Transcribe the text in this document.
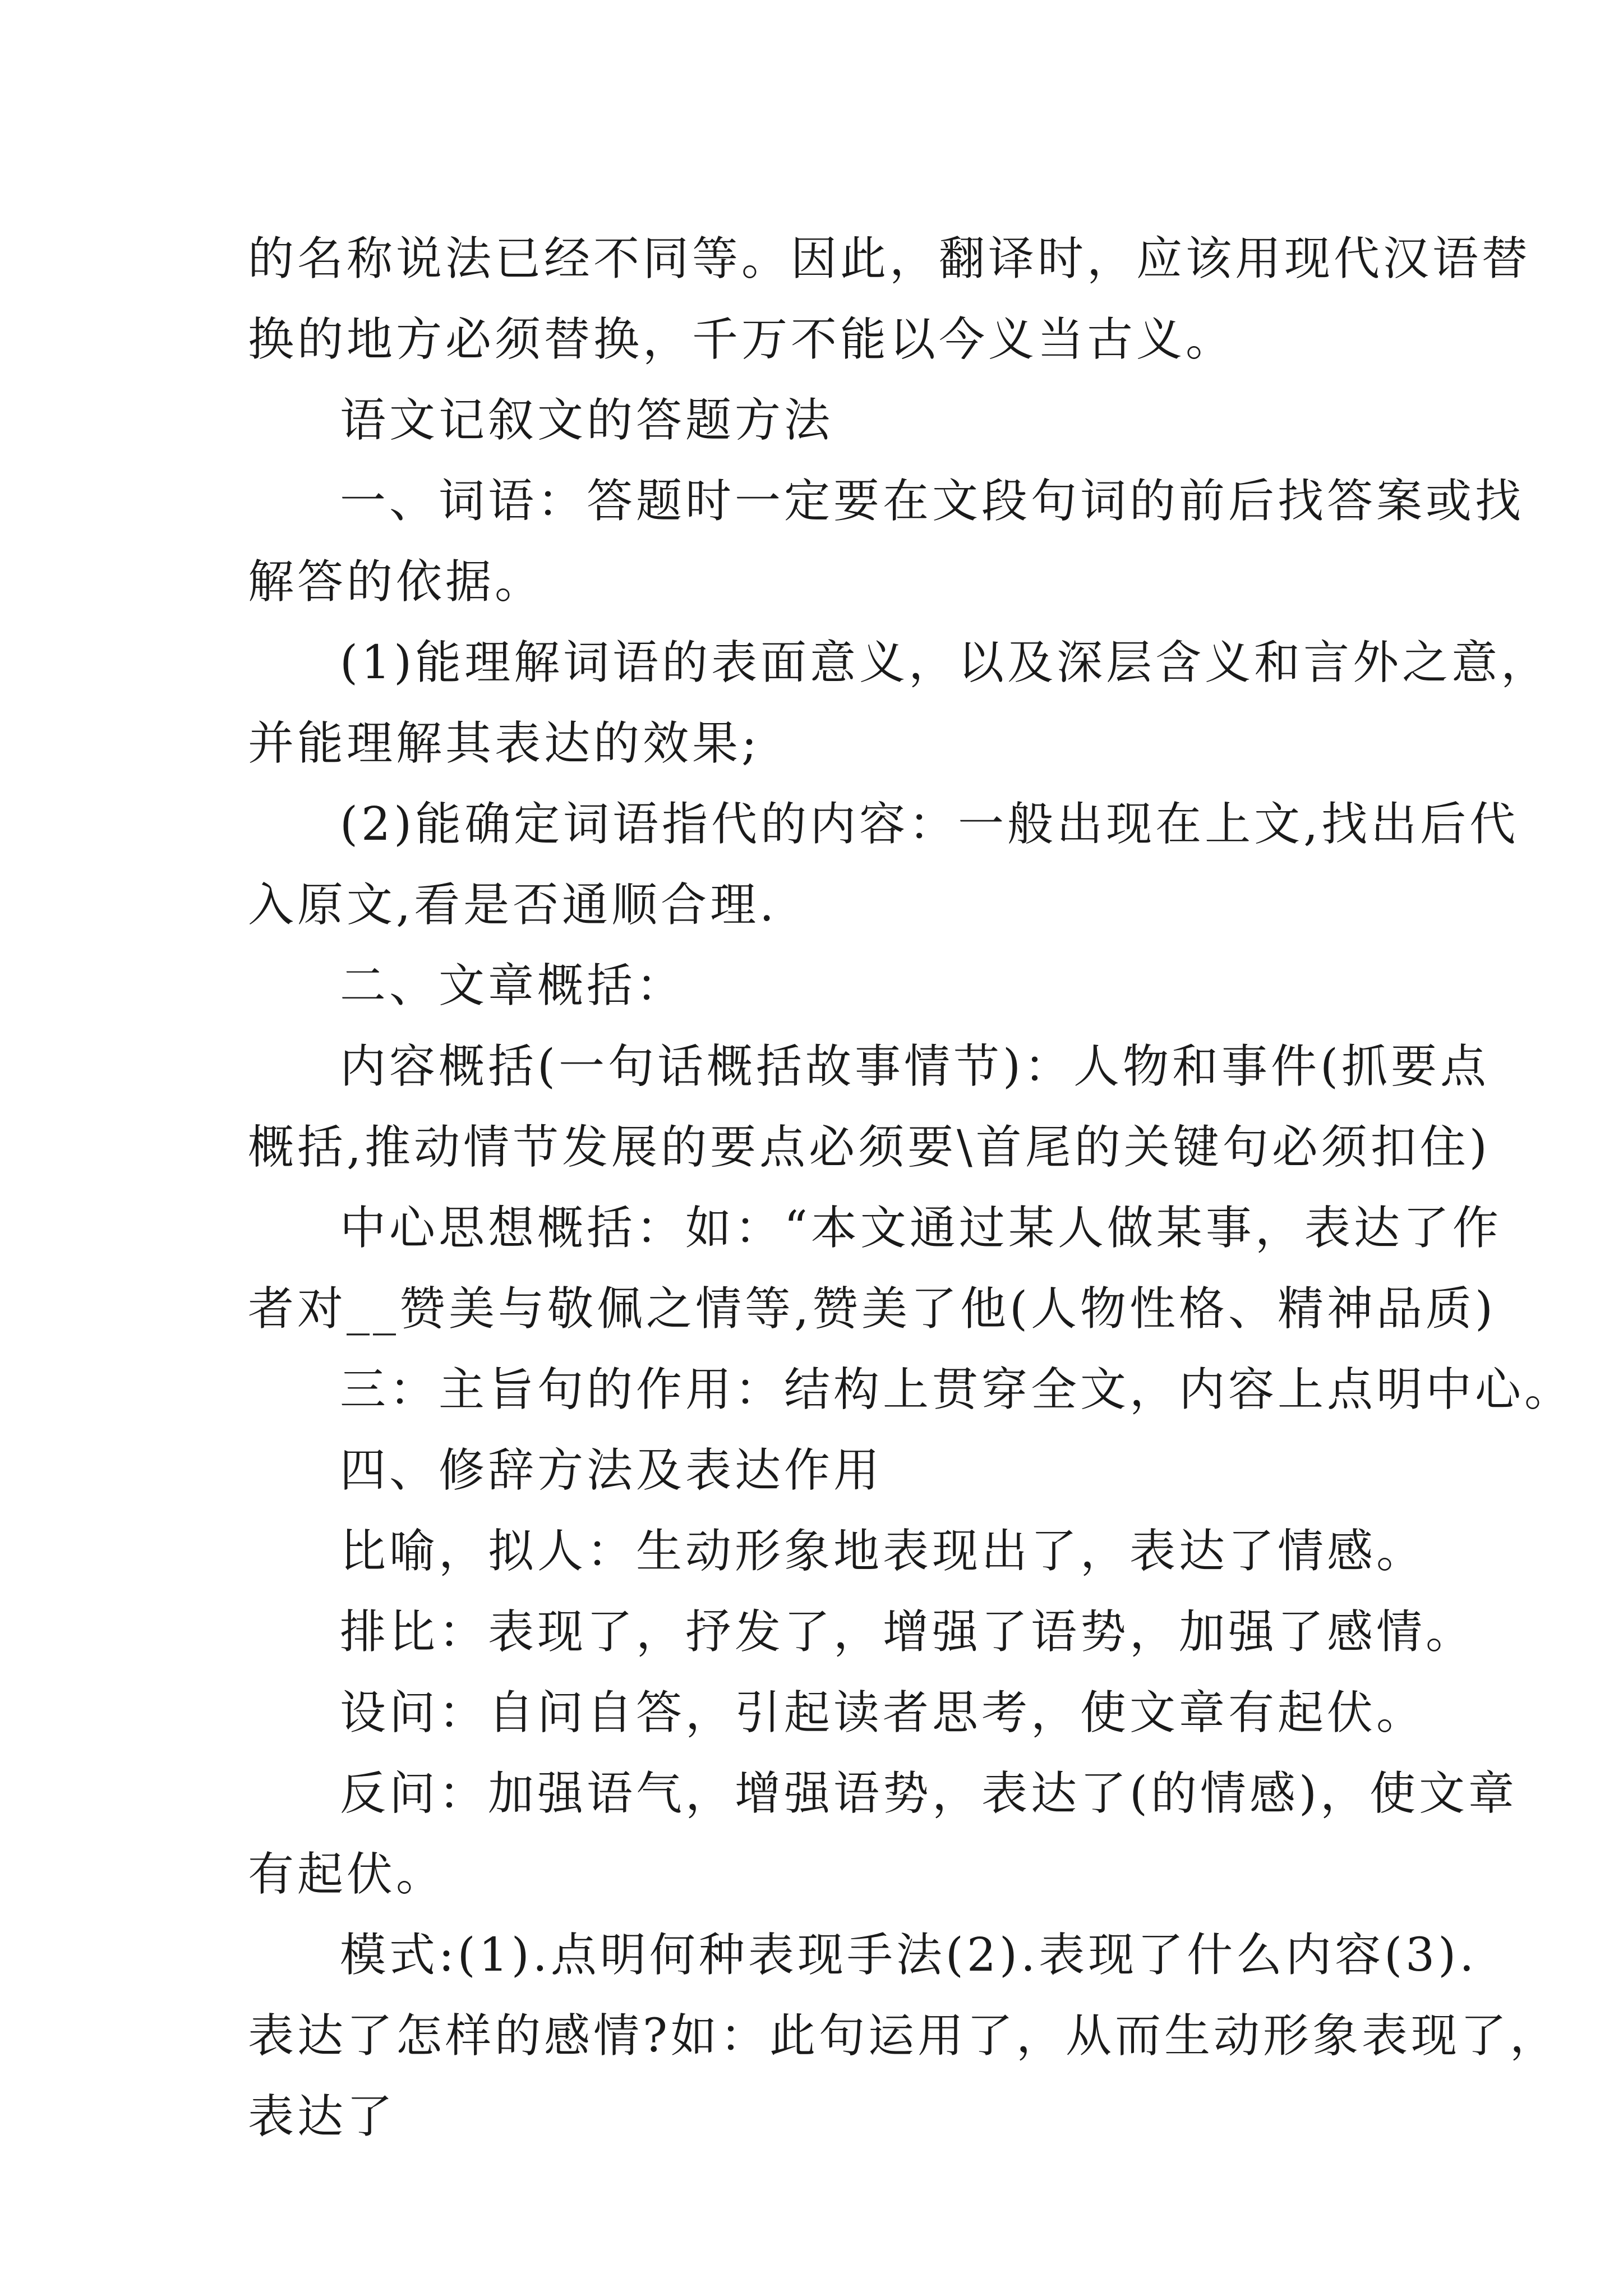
的名称说法已经不同等。因此，翻译时，应该用现代汉语替

换的地方必须替换，千万不能以今义当古义。

语文记叙文的答题方法

一、词语：答题时一定要在文段句词的前后找答案或找

解答的依据。

(1)能理解词语的表面意义，以及深层含义和言外之意，

并能理解其表达的效果;

(2)能确定词语指代的内容：一般出现在上文,找出后代

入原文,看是否通顺合理.

二、文章概括：

内容概括(一句话概括故事情节)：人物和事件(抓要点

概括,推动情节发展的要点必须要\首尾的关键句必须扣住)

中心思想概括：如：“本文通过某人做某事，表达了作

者对__赞美与敬佩之情等,赞美了他(人物性格、精神品质)

三：主旨句的作用：结构上贯穿全文，内容上点明中心。

四、修辞方法及表达作用

比喻，拟人：生动形象地表现出了，表达了情感。

排比：表现了，抒发了，增强了语势，加强了感情。

设问：自问自答，引起读者思考，使文章有起伏。

反问：加强语气，增强语势，表达了(的情感)，使文章

有起伏。

模式:(1).点明何种表现手法(2).表现了什么内容(3).

表达了怎样的感情?如：此句运用了，从而生动形象表现了，

表达了
